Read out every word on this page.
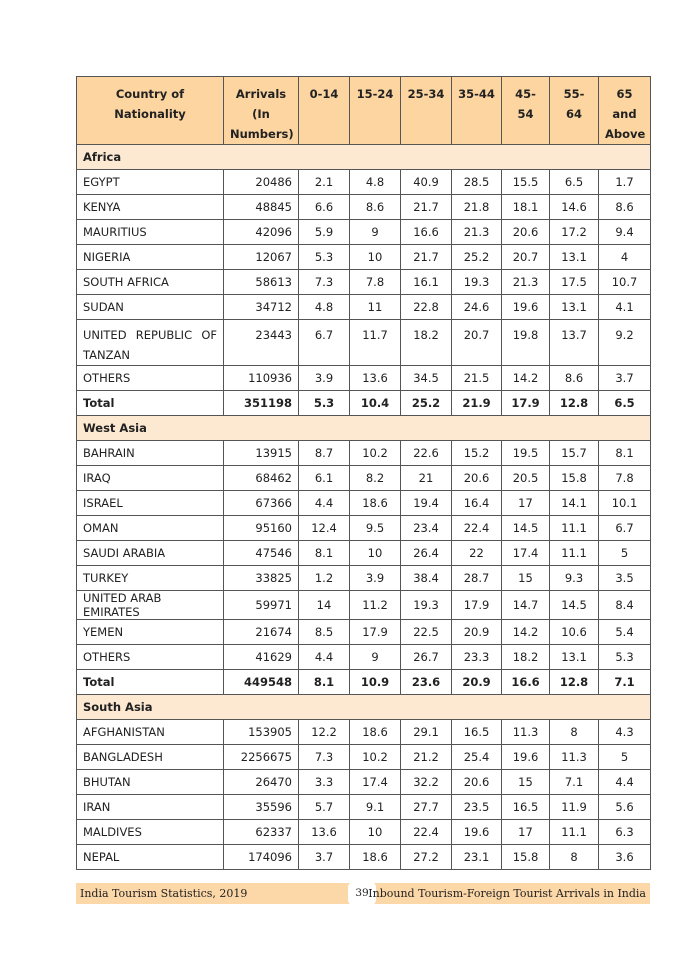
Country of Nationality	Arrivals (In Numbers)	0-14	15-24	25-34	35-44	45-54	55-64	65 and Above
Africa								
EGYPT	20486	2.1	4.8	40.9	28.5	15.5	6.5	1.7
KENYA	48845	6.6	8.6	21.7	21.8	18.1	14.6	8.6
MAURITIUS	42096	5.9	9	16.6	21.3	20.6	17.2	9.4
NIGERIA	12067	5.3	10	21.7	25.2	20.7	13.1	4
SOUTH AFRICA	58613	7.3	7.8	16.1	19.3	21.3	17.5	10.7
SUDAN	34712	4.8	11	22.8	24.6	19.6	13.1	4.1
UNITED REPUBLIC OF TANZAN	23443	6.7	11.7	18.2	20.7	19.8	13.7	9.2
OTHERS	110936	3.9	13.6	34.5	21.5	14.2	8.6	3.7
Total	351198	5.3	10.4	25.2	21.9	17.9	12.8	6.5
West Asia								
BAHRAIN	13915	8.7	10.2	22.6	15.2	19.5	15.7	8.1
IRAQ	68462	6.1	8.2	21	20.6	20.5	15.8	7.8
ISRAEL	67366	4.4	18.6	19.4	16.4	17	14.1	10.1
OMAN	95160	12.4	9.5	23.4	22.4	14.5	11.1	6.7
SAUDI ARABIA	47546	8.1	10	26.4	22	17.4	11.1	5
TURKEY	33825	1.2	3.9	38.4	28.7	15	9.3	3.5
UNITED ARAB EMIRATES	59971	14	11.2	19.3	17.9	14.7	14.5	8.4
YEMEN	21674	8.5	17.9	22.5	20.9	14.2	10.6	5.4
OTHERS	41629	4.4	9	26.7	23.3	18.2	13.1	5.3
Total	449548	8.1	10.9	23.6	20.9	16.6	12.8	7.1
South Asia								
AFGHANISTAN	153905	12.2	18.6	29.1	16.5	11.3	8	4.3
BANGLADESH	2256675	7.3	10.2	21.2	25.4	19.6	11.3	5
BHUTAN	26470	3.3	17.4	32.2	20.6	15	7.1	4.4
IRAN	35596	5.7	9.1	27.7	23.5	16.5	11.9	5.6
MALDIVES	62337	13.6	10	22.4	19.6	17	11.1	6.3
NEPAL	174096	3.7	18.6	27.2	23.1	15.8	8	3.6
India Tourism Statistics, 2019	39 Inbound Tourism-Foreign Tourist Arrivals in India
